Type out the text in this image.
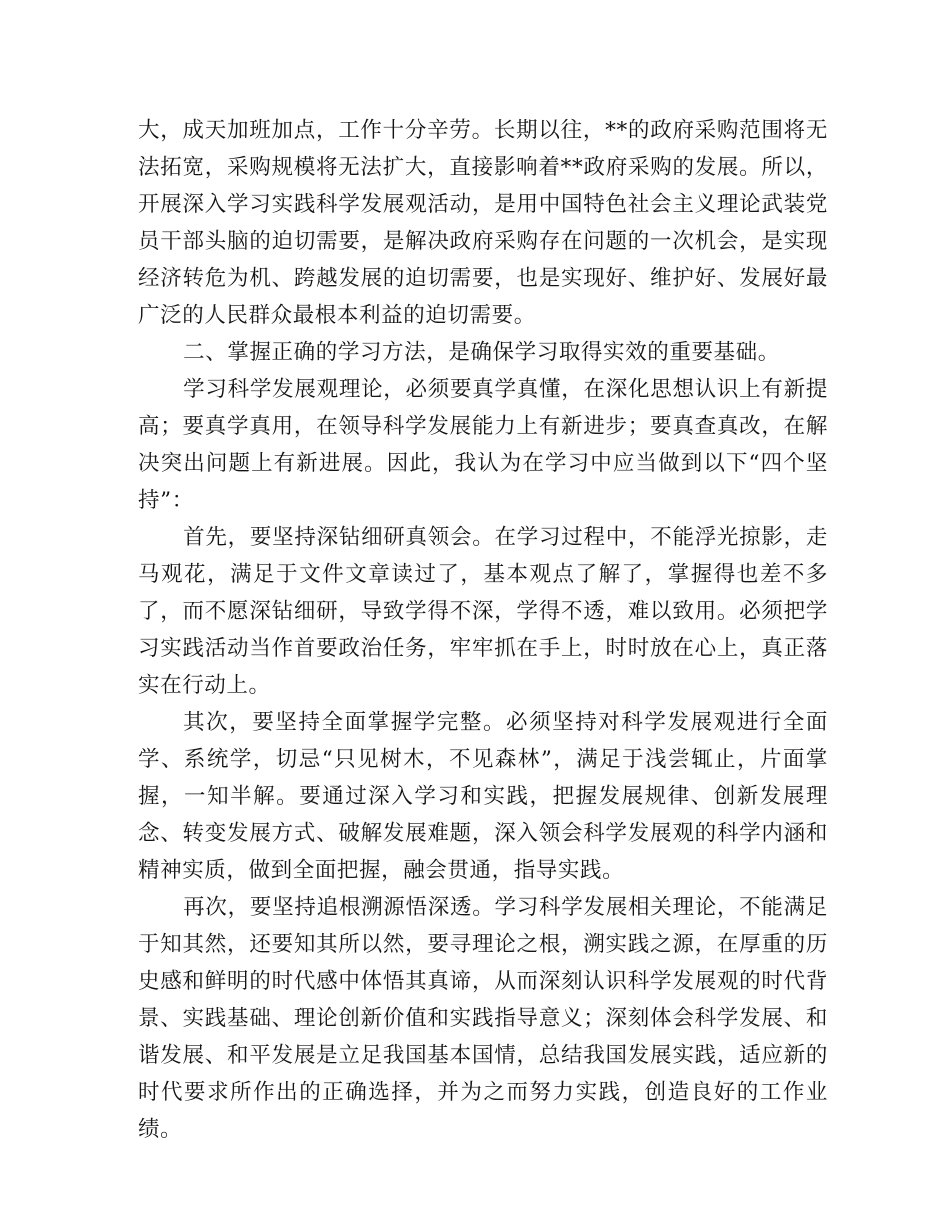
大，成天加班加点，工作十分辛劳。长期以往，**的政府采购范围将无法拓宽，采购规模将无法扩大，直接影响着**政府采购的发展。所以，开展深入学习实践科学发展观活动，是用中国特色社会主义理论武装党员干部头脑的迫切需要，是解决政府采购存在问题的一次机会，是实现经济转危为机、跨越发展的迫切需要，也是实现好、维护好、发展好最广泛的人民群众最根本利益的迫切需要。

二、掌握正确的学习方法，是确保学习取得实效的重要基础。

学习科学发展观理论，必须要真学真懂，在深化思想认识上有新提高；要真学真用，在领导科学发展能力上有新进步；要真查真改，在解决突出问题上有新进展。因此，我认为在学习中应当做到以下“四个坚持”：

首先，要坚持深钻细研真领会。在学习过程中，不能浮光掠影，走马观花，满足于文件文章读过了，基本观点了解了，掌握得也差不多了，而不愿深钻细研，导致学得不深，学得不透，难以致用。必须把学习实践活动当作首要政治任务，牢牢抓在手上，时时放在心上，真正落实在行动上。

其次，要坚持全面掌握学完整。必须坚持对科学发展观进行全面学、系统学，切忌“只见树木，不见森林”，满足于浅尝辄止，片面掌握，一知半解。要通过深入学习和实践，把握发展规律、创新发展理念、转变发展方式、破解发展难题，深入领会科学发展观的科学内涵和精神实质，做到全面把握，融会贯通，指导实践。

再次，要坚持追根溯源悟深透。学习科学发展相关理论，不能满足于知其然，还要知其所以然，要寻理论之根，溯实践之源，在厚重的历史感和鲜明的时代感中体悟其真谛，从而深刻认识科学发展观的时代背景、实践基础、理论创新价值和实践指导意义；深刻体会科学发展、和谐发展、和平发展是立足我国基本国情，总结我国发展实践，适应新的时代要求所作出的正确选择，并为之而努力实践，创造良好的工作业绩。
